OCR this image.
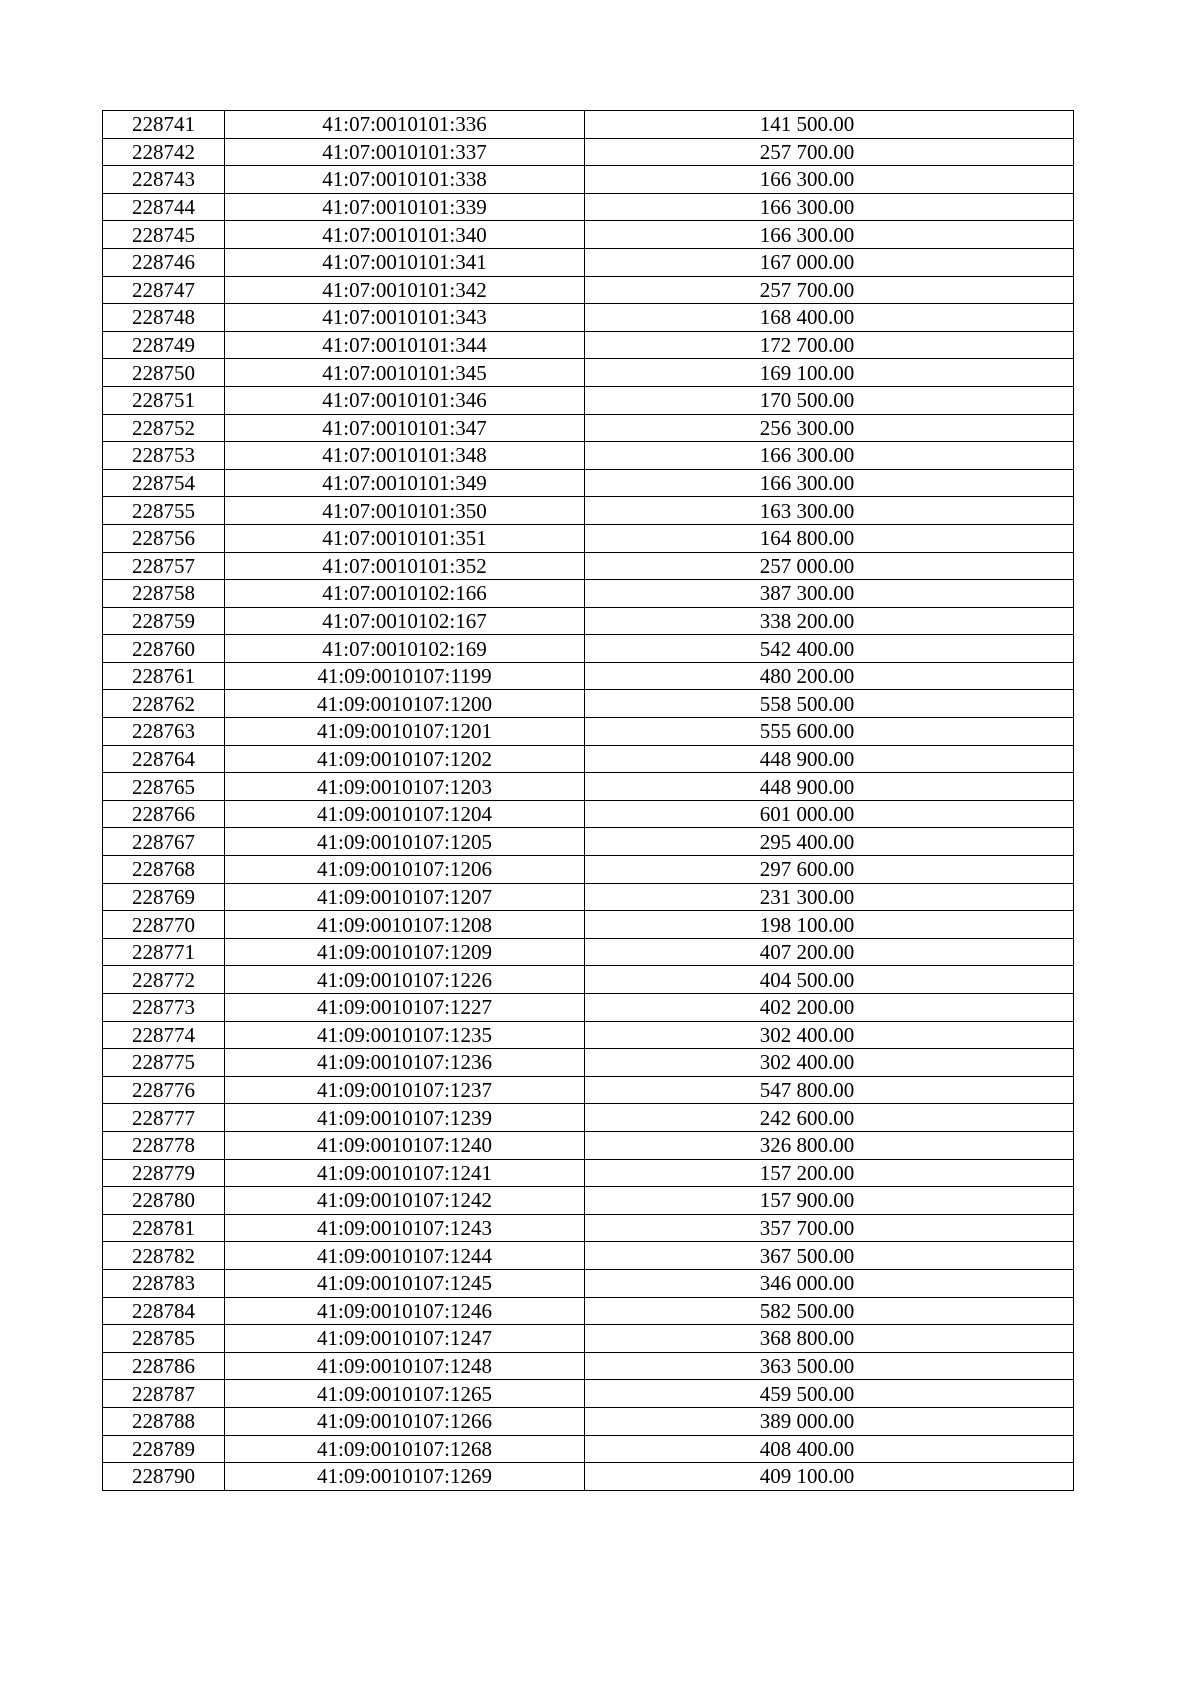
228741	41:07:0010101:336	141 500.00
228742	41:07:0010101:337	257 700.00
228743	41:07:0010101:338	166 300.00
228744	41:07:0010101:339	166 300.00
228745	41:07:0010101:340	166 300.00
228746	41:07:0010101:341	167 000.00
228747	41:07:0010101:342	257 700.00
228748	41:07:0010101:343	168 400.00
228749	41:07:0010101:344	172 700.00
228750	41:07:0010101:345	169 100.00
228751	41:07:0010101:346	170 500.00
228752	41:07:0010101:347	256 300.00
228753	41:07:0010101:348	166 300.00
228754	41:07:0010101:349	166 300.00
228755	41:07:0010101:350	163 300.00
228756	41:07:0010101:351	164 800.00
228757	41:07:0010101:352	257 000.00
228758	41:07:0010102:166	387 300.00
228759	41:07:0010102:167	338 200.00
228760	41:07:0010102:169	542 400.00
228761	41:09:0010107:1199	480 200.00
228762	41:09:0010107:1200	558 500.00
228763	41:09:0010107:1201	555 600.00
228764	41:09:0010107:1202	448 900.00
228765	41:09:0010107:1203	448 900.00
228766	41:09:0010107:1204	601 000.00
228767	41:09:0010107:1205	295 400.00
228768	41:09:0010107:1206	297 600.00
228769	41:09:0010107:1207	231 300.00
228770	41:09:0010107:1208	198 100.00
228771	41:09:0010107:1209	407 200.00
228772	41:09:0010107:1226	404 500.00
228773	41:09:0010107:1227	402 200.00
228774	41:09:0010107:1235	302 400.00
228775	41:09:0010107:1236	302 400.00
228776	41:09:0010107:1237	547 800.00
228777	41:09:0010107:1239	242 600.00
228778	41:09:0010107:1240	326 800.00
228779	41:09:0010107:1241	157 200.00
228780	41:09:0010107:1242	157 900.00
228781	41:09:0010107:1243	357 700.00
228782	41:09:0010107:1244	367 500.00
228783	41:09:0010107:1245	346 000.00
228784	41:09:0010107:1246	582 500.00
228785	41:09:0010107:1247	368 800.00
228786	41:09:0010107:1248	363 500.00
228787	41:09:0010107:1265	459 500.00
228788	41:09:0010107:1266	389 000.00
228789	41:09:0010107:1268	408 400.00
228790	41:09:0010107:1269	409 100.00
